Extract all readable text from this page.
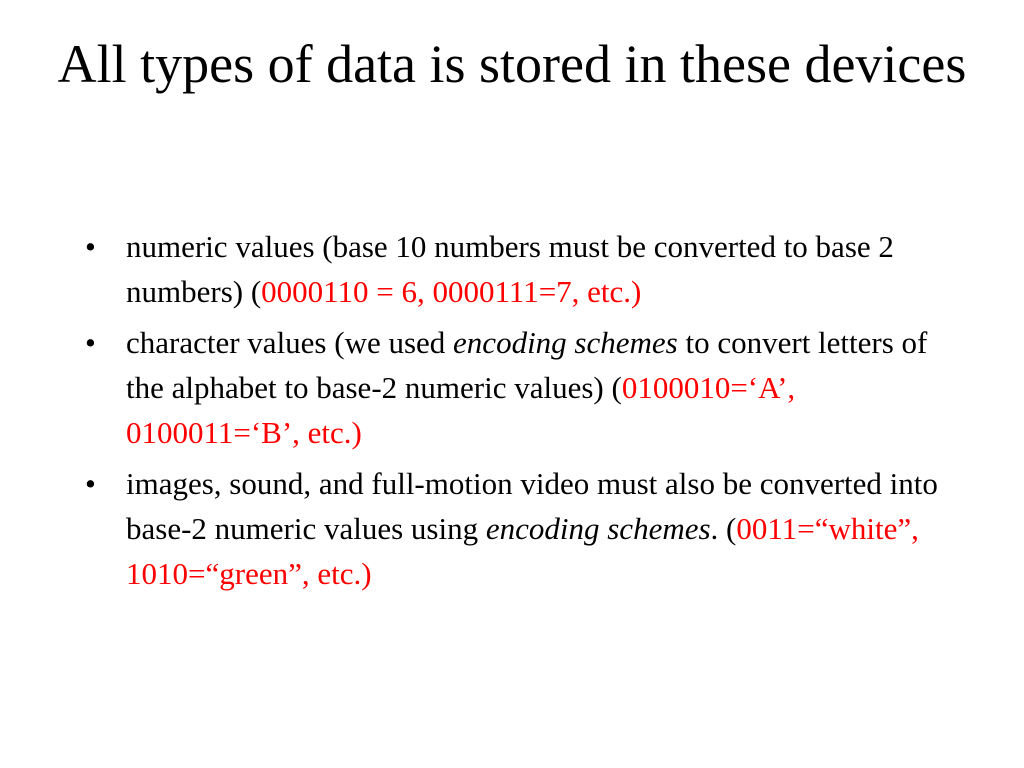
All types of data is stored in these devices
• numeric values (base 10 numbers must be converted to base 2 numbers) (0000110 = 6, 0000111=7, etc.)
• character values (we used encoding schemes to convert letters of the alphabet to base-2 numeric values) (0100010=‘A’, 0100011=‘B’, etc.)
• images, sound, and full-motion video must also be converted into base-2 numeric values using encoding schemes. (0011=“white”, 1010=“green”, etc.)
